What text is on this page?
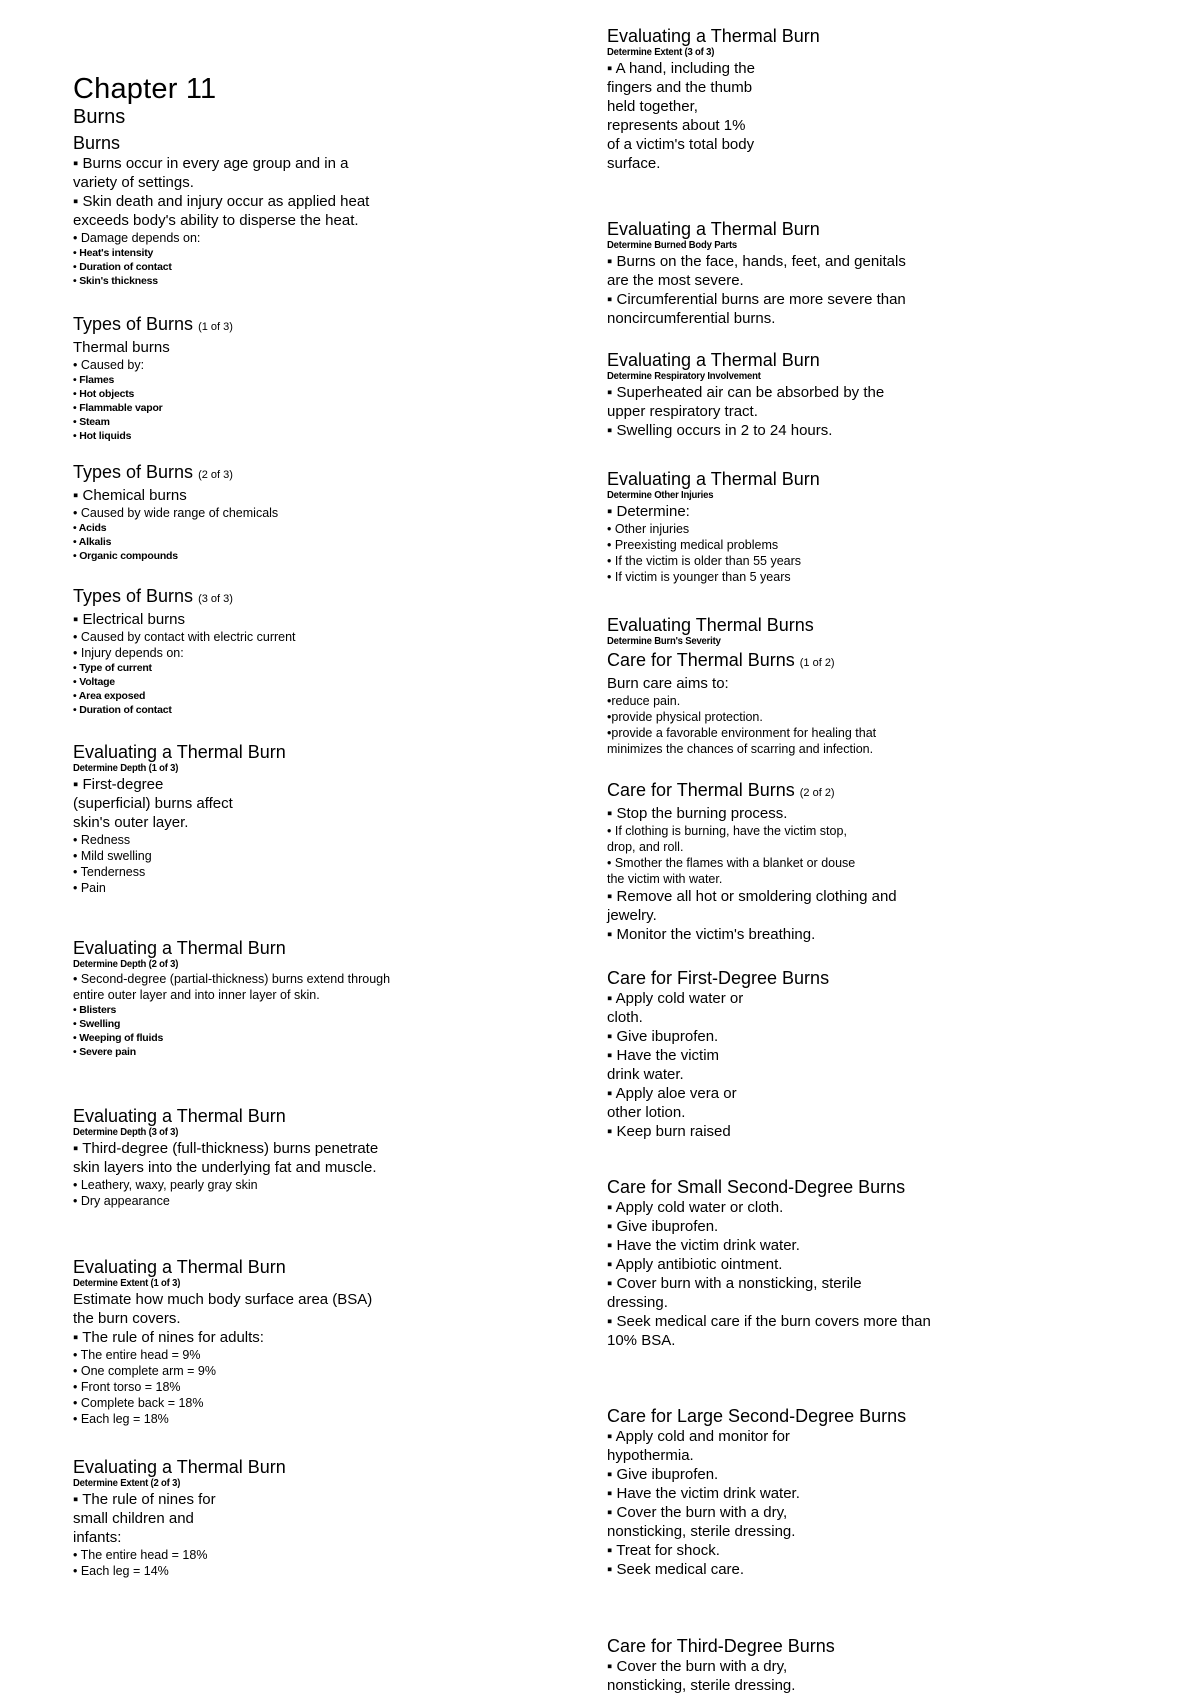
Chapter 11
Burns
Burns
▪ Burns occur in every age group and in a variety of settings.
▪ Skin death and injury occur as applied heat exceeds body's ability to disperse the heat.
• Damage depends on:
• Heat's intensity
• Duration of contact
• Skin's thickness
Types of Burns (1 of 3)
Thermal burns
• Caused by:
• Flames
• Hot objects
• Flammable vapor
• Steam
• Hot liquids
Types of Burns (2 of 3)
▪ Chemical burns
• Caused by wide range of chemicals
• Acids
• Alkalis
• Organic compounds
Types of Burns (3 of 3)
▪ Electrical burns
• Caused by contact with electric current
• Injury depends on:
• Type of current
• Voltage
• Area exposed
• Duration of contact
Evaluating a Thermal Burn
Determine Depth (1 of 3)
▪ First-degree (superficial) burns affect skin's outer layer.
• Redness
• Mild swelling
• Tenderness
• Pain
Evaluating a Thermal Burn
Determine Depth (2 of 3)
• Second-degree (partial-thickness) burns extend through entire outer layer and into inner layer of skin.
• Blisters
• Swelling
• Weeping of fluids
• Severe pain
Evaluating a Thermal Burn
Determine Depth (3 of 3)
▪ Third-degree (full-thickness) burns penetrate skin layers into the underlying fat and muscle.
• Leathery, waxy, pearly gray skin
• Dry appearance
Evaluating a Thermal Burn
Determine Extent (1 of 3)
Estimate how much body surface area (BSA) the burn covers.
▪ The rule of nines for adults:
• The entire head = 9%
• One complete arm = 9%
• Front torso = 18%
• Complete back = 18%
• Each leg = 18%
Evaluating a Thermal Burn
Determine Extent (2 of 3)
▪ The rule of nines for small children and infants:
• The entire head = 18%
• Each leg = 14%
Evaluating a Thermal Burn
Determine Extent (3 of 3)
▪ A hand, including the fingers and the thumb held together, represents about 1% of a victim's total body surface.
Evaluating a Thermal Burn
Determine Burned Body Parts
▪ Burns on the face, hands, feet, and genitals are the most severe.
▪ Circumferential burns are more severe than noncircumferential burns.
Evaluating a Thermal Burn
Determine Respiratory Involvement
▪ Superheated air can be absorbed by the upper respiratory tract.
▪ Swelling occurs in 2 to 24 hours.
Evaluating a Thermal Burn
Determine Other Injuries
▪ Determine:
• Other injuries
• Preexisting medical problems
• If the victim is older than 55 years
• If victim is younger than 5 years
Evaluating Thermal Burns
Determine Burn's Severity
Care for Thermal Burns (1 of 2)
Burn care aims to:
•reduce pain.
•provide physical protection.
•provide a favorable environment for healing that minimizes the chances of scarring and infection.
Care for Thermal Burns (2 of 2)
▪ Stop the burning process.
• If clothing is burning, have the victim stop, drop, and roll.
• Smother the flames with a blanket or douse the victim with water.
▪ Remove all hot or smoldering clothing and jewelry.
▪ Monitor the victim's breathing.
Care for First-Degree Burns
▪ Apply cold water or cloth.
▪ Give ibuprofen.
▪ Have the victim drink water.
▪ Apply aloe vera or other lotion.
▪ Keep burn raised
Care for Small Second-Degree Burns
▪ Apply cold water or cloth.
▪ Give ibuprofen.
▪ Have the victim drink water.
▪ Apply antibiotic ointment.
▪ Cover burn with a nonsticking, sterile dressing.
▪ Seek medical care if the burn covers more than 10% BSA.
Care for Large Second-Degree Burns
▪ Apply cold and monitor for hypothermia.
▪ Give ibuprofen.
▪ Have the victim drink water.
▪ Cover the burn with a dry, nonsticking, sterile dressing.
▪ Treat for shock.
▪ Seek medical care.
Care for Third-Degree Burns
▪ Cover the burn with a dry, nonsticking, sterile dressing.
